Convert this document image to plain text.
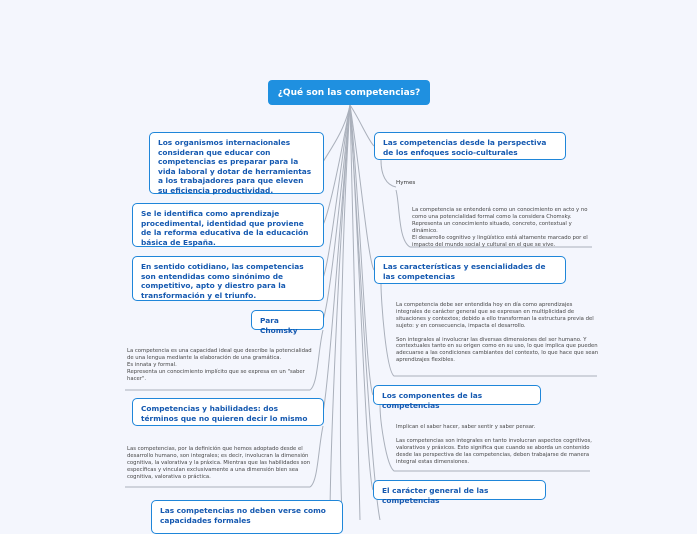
¿Qué son las competencias?
Los organismos internacionales consideran que educar con competencias es preparar para la vida laboral y dotar de herramientas a los trabajadores para que eleven su eficiencia productividad.
Se le identifica como aprendizaje procedimental, identidad que proviene de la reforma educativa de la educación básica de España.
En sentido cotidiano, las competencias son entendidas como sinónimo de competitivo, apto y diestro para la transformación y el triunfo.
Para Chomsky
La competencia es una capacidad ideal que describe la potencialidad de una lengua mediante la elaboración de una gramática.
Es innata y formal.
Representa un conocimiento implícito que se expresa en un "saber hacer".
Competencias y habilidades: dos términos que no quieren decir lo mismo
Las competencias, por la definición que hemos adoptado desde el desarrollo humano, son integrales; es decir, involucran la dimensión cognitiva, la valorativa y la práxica. Mientras que las habilidades son específicas y vinculan exclusivamente a una dimensión bien sea cognitiva, valorativa o práctica.
Las competencias no deben verse como capacidades formales
Las competencias desde la perspectiva de los enfoques socio-culturales
Hymes
La competencia se entenderá como un conocimiento en acto y no como una potencialidad formal como la considera Chomsky. Representa un conocimiento situado, concreto, contextual y dinámico.
El desarrollo cognitivo y lingüístico está altamente marcado por el impacto del mundo social y cultural en el que se vive.
Las características y esencialidades de las competencias
La competencia debe ser entendida hoy en día como aprendizajes integrales de carácter general que se expresan en multiplicidad de situaciones y contextos; debido a ello transforman la estructura previa del sujeto: y en consecuencia, impacta el desarrollo.

Son integrales al involucrar las diversas dimensiones del ser humano. Y contextuales tanto en su origen como en su uso, lo que implica que pueden adecuarse a las condiciones cambiantes del contexto, lo que hace que sean aprendizajes flexibles.
Los componentes de las competencias
Implican el saber hacer, saber sentir y saber pensar.

Las competencias son integrales en tanto involucran aspectos cognitivos, valorativos y práxicos. Esto significa que cuando se aborda un contenido desde las perspectiva de las competencias, deben trabajarse de manera integral estas dimensiones.
El carácter general de las competencias
